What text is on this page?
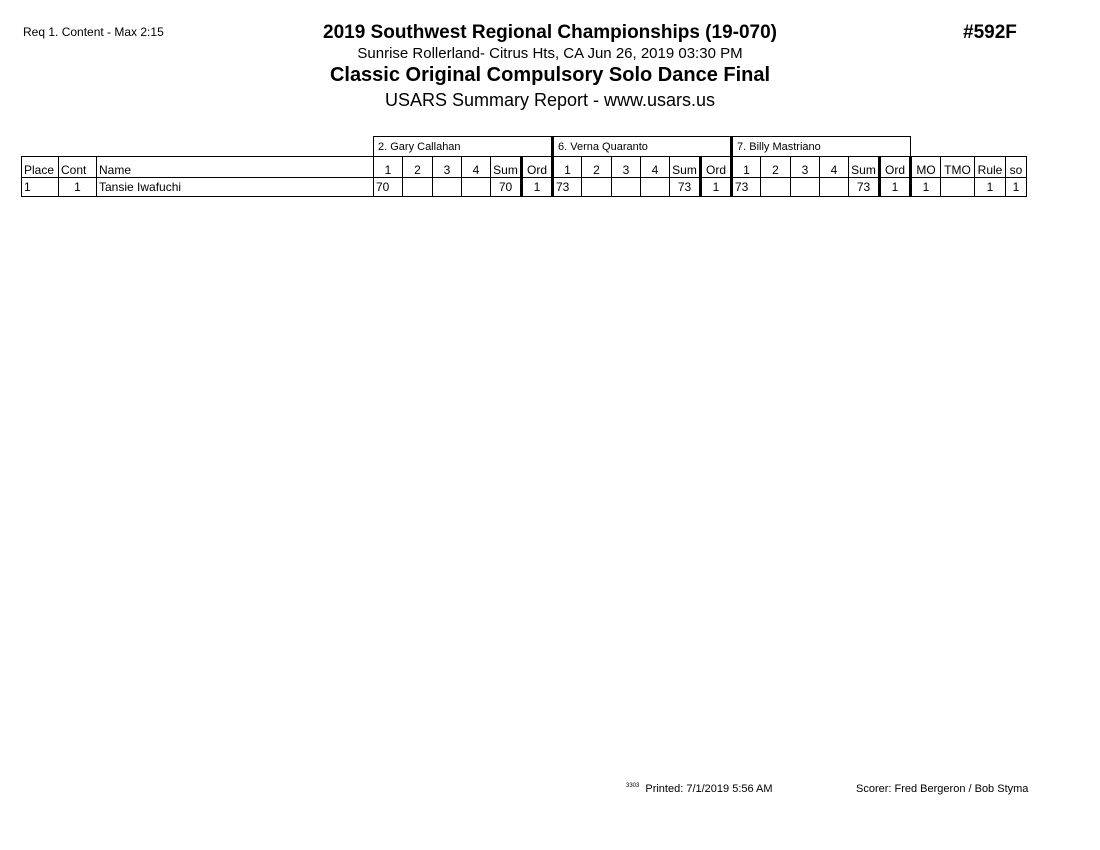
Req 1. Content - Max 2:15	#592F
2019 Southwest Regional Championships (19-070)
Sunrise Rollerland- Citrus Hts, CA Jun 26, 2019 03:30 PM
Classic Original Compulsory Solo Dance Final
USARS Summary Report - www.usars.us
			2. Gary Callahan						6. Verna Quaranto						7. Billy Mastriano									
Place	Cont	Name	1	2	3	4	Sum	Ord	1	2	3	4	Sum	Ord	1	2	3	4	Sum	Ord	MO	TMO	Rule	so
1	1	Tansie Iwafuchi	70				70	1	73				73	1	73				73	1	1		1	1
$^{3303}$ Printed: 7/1/2019 5:56 AM	Scorer: Fred Bergeron / Bob Styma
